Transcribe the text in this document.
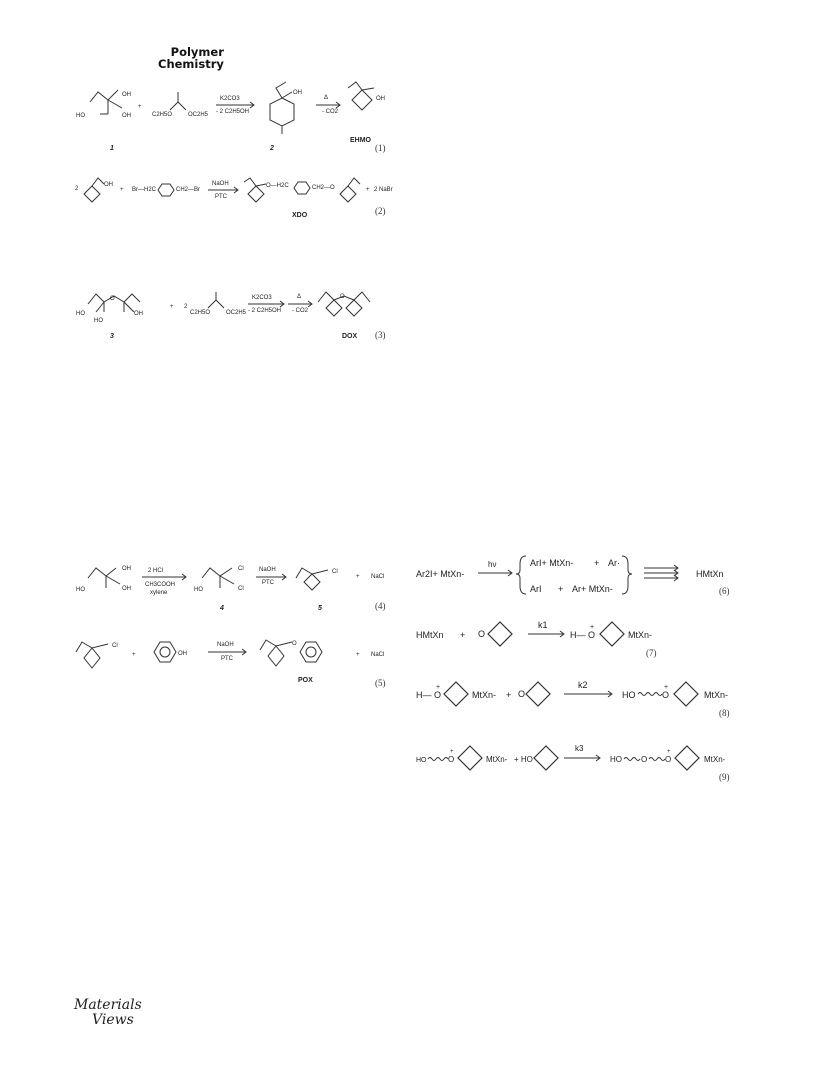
Polymer
Chemistry
OH
OH
HO
+
C2H5O	OC2H5
K2CO3
- 2 C2H5OH
OH
Δ
- CO2
OH
1	2
EHMO
(1)
2
OH
+ Br—H2C	CH2—Br
NaOH
PTC
O—H2C	CH2—O	+ 2 NaBr
XDO	(2)
O
HO
HO
OH
+ 2
C2H5O	OC2H5
K2CO3
- 2 C2H5OH
Δ
- CO2
O
DOX
3	(3)
OH
OH
HO
2 HCl
CH3COOH
xylene
Cl
Cl
HO
NaOH
PTC
Cl
+ NaCl
4	5	(4)
Cl
+	OH
NaOH
PTC
O
+ NaCl
POX	(5)
Ar2I+ MtXn-
hν	ArI+ MtXn- + Ar·
ArI + Ar+ MtXn-
HMtXn
(6)
HMtXn + O
k1
H— O
+
MtXn-
(7)
H— O
+
MtXn- + O
k2
HO	O
+
MtXn-
(8)
HO	O
+
MtXn- + HO
k3
HO O O
+
MtXn-
(9)
Materials
Views
